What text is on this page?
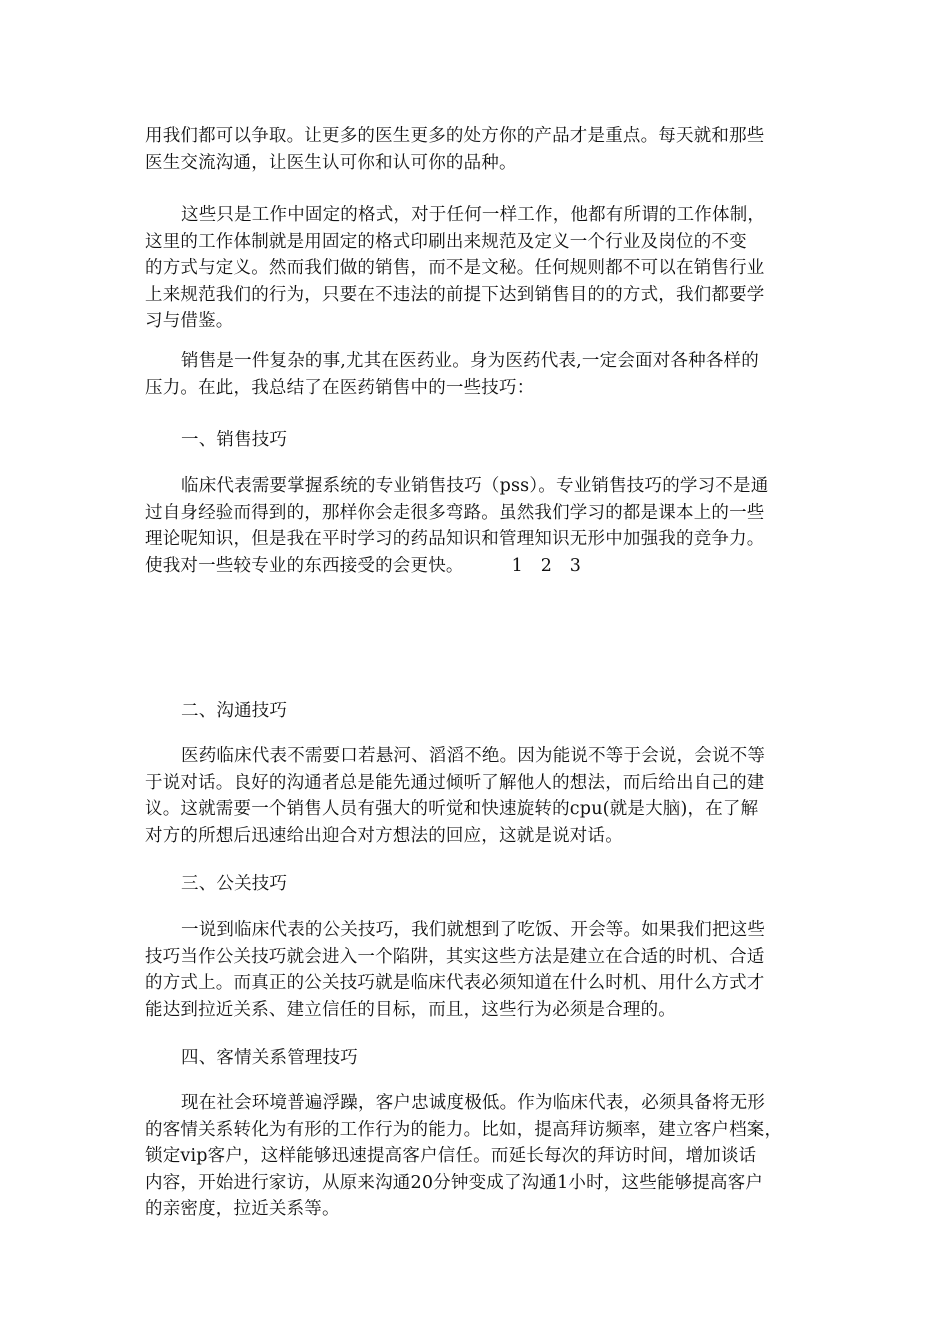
用我们都可以争取。让更多的医生更多的处方你的产品才是重点。每天就和那些
医生交流沟通，让医生认可你和认可你的品种。
这些只是工作中固定的格式，对于任何一样工作，他都有所谓的工作体制，
这里的工作体制就是用固定的格式印刷出来规范及定义一个行业及岗位的不变
的方式与定义。然而我们做的销售，而不是文秘。任何规则都不可以在销售行业
上来规范我们的行为，只要在不违法的前提下达到销售目的的方式，我们都要学
习与借鉴。
销售是一件复杂的事,尤其在医药业。身为医药代表,一定会面对各种各样的
压力。在此，我总结了在医药销售中的一些技巧：
一、销售技巧
临床代表需要掌握系统的专业销售技巧（pss）。专业销售技巧的学习不是通
过自身经验而得到的，那样你会走很多弯路。虽然我们学习的都是课本上的一些
理论呢知识，但是我在平时学习的药品知识和管理知识无形中加强我的竞争力。
使我对一些较专业的东西接受的会更快。	1 2 3
二、沟通技巧
医药临床代表不需要口若悬河、滔滔不绝。因为能说不等于会说，会说不等
于说对话。良好的沟通者总是能先通过倾听了解他人的想法，而后给出自己的建
议。这就需要一个销售人员有强大的听觉和快速旋转的cpu(就是大脑)，在了解
对方的所想后迅速给出迎合对方想法的回应，这就是说对话。
三、公关技巧
一说到临床代表的公关技巧，我们就想到了吃饭、开会等。如果我们把这些
技巧当作公关技巧就会进入一个陷阱，其实这些方法是建立在合适的时机、合适
的方式上。而真正的公关技巧就是临床代表必须知道在什么时机、用什么方式才
能达到拉近关系、建立信任的目标，而且，这些行为必须是合理的。
四、客情关系管理技巧
现在社会环境普遍浮躁，客户忠诚度极低。作为临床代表，必须具备将无形
的客情关系转化为有形的工作行为的能力。比如，提高拜访频率，建立客户档案，
锁定vip客户，这样能够迅速提高客户信任。而延长每次的拜访时间，增加谈话
内容，开始进行家访，从原来沟通20分钟变成了沟通1小时，这些能够提高客户
的亲密度，拉近关系等。
